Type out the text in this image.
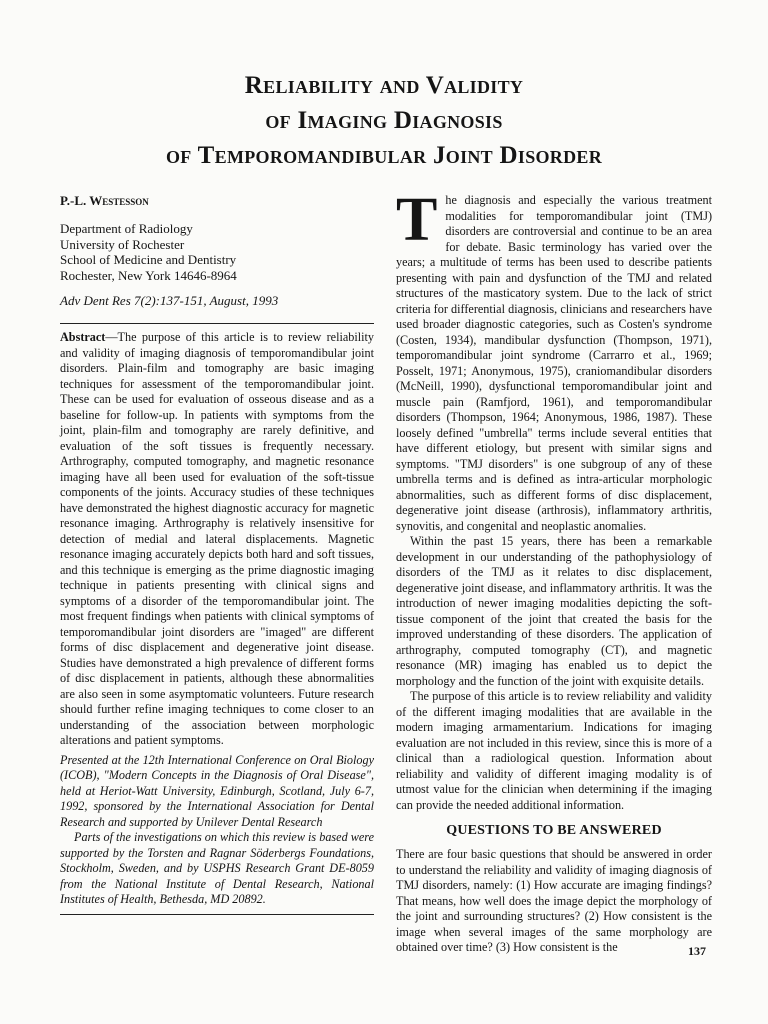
Reliability and Validity
of Imaging Diagnosis
of Temporomandibular Joint Disorder
P.-L. Westesson
Department of Radiology
University of Rochester
School of Medicine and Dentistry
Rochester, New York 14646-8964
Adv Dent Res 7(2):137-151, August, 1993

Abstract—The purpose of this article is to review reliability and validity of imaging diagnosis of temporomandibular joint disorders. Plain-film and tomography are basic imaging techniques for assessment of the temporomandibular joint. These can be used for evaluation of osseous disease and as a baseline for follow-up. In patients with symptoms from the joint, plain-film and tomography are rarely definitive, and evaluation of the soft tissues is frequently necessary. Arthrography, computed tomography, and magnetic resonance imaging have all been used for evaluation of the soft-tissue components of the joints. Accuracy studies of these techniques have demonstrated the highest diagnostic accuracy for magnetic resonance imaging. Arthrography is relatively insensitive for detection of medial and lateral displacements. Magnetic resonance imaging accurately depicts both hard and soft tissues, and this technique is emerging as the prime diagnostic imaging technique in patients presenting with clinical signs and symptoms of a disorder of the temporomandibular joint. The most frequent findings when patients with clinical symptoms of temporomandibular joint disorders are "imaged" are different forms of disc displacement and degenerative joint disease. Studies have demonstrated a high prevalence of different forms of disc displacement in patients, although these abnormalities are also seen in some asymptomatic volunteers. Future research should further refine imaging techniques to come closer to an understanding of the association between morphologic alterations and patient symptoms.

Presented at the 12th International Conference on Oral Biology (ICOB), "Modern Concepts in the Diagnosis of Oral Disease", held at Heriot-Watt University, Edinburgh, Scotland, July 6-7, 1992, sponsored by the International Association for Dental Research and supported by Unilever Dental Research

Parts of the investigations on which this review is based were supported by the Torsten and Ragnar Söderbergs Foundations, Stockholm, Sweden, and by USPHS Research Grant DE-8059 from the National Institute of Dental Research, National Institutes of Health, Bethesda, MD 20892.

The diagnosis and especially the various treatment modalities for temporomandibular joint (TMJ) disorders are controversial and continue to be an area for debate. Basic terminology has varied over the years; a multitude of terms has been used to describe patients presenting with pain and dysfunction of the TMJ and related structures of the masticatory system. Due to the lack of strict criteria for differential diagnosis, clinicians and researchers have used broader diagnostic categories, such as Costen's syndrome (Costen, 1934), mandibular dysfunction (Thompson, 1971), temporomandibular joint syndrome (Carrarro et al., 1969; Posselt, 1971; Anonymous, 1975), craniomandibular disorders (McNeill, 1990), dysfunctional temporomandibular joint and muscle pain (Ramfjord, 1961), and temporomandibular disorders (Thompson, 1964; Anonymous, 1986, 1987). These loosely defined "umbrella" terms include several entities that have different etiology, but present with similar signs and symptoms. "TMJ disorders" is one subgroup of any of these umbrella terms and is defined as intra-articular morphologic abnormalities, such as different forms of disc displacement, degenerative joint disease (arthrosis), inflammatory arthritis, synovitis, and congenital and neoplastic anomalies.

Within the past 15 years, there has been a remarkable development in our understanding of the pathophysiology of disorders of the TMJ as it relates to disc displacement, degenerative joint disease, and inflammatory arthritis. It was the introduction of newer imaging modalities depicting the soft-tissue component of the joint that created the basis for the improved understanding of these disorders. The application of arthrography, computed tomography (CT), and magnetic resonance (MR) imaging has enabled us to depict the morphology and the function of the joint with exquisite details.

The purpose of this article is to review reliability and validity of the different imaging modalities that are available in the modern imaging armamentarium. Indications for imaging evaluation are not included in this review, since this is more of a clinical than a radiological question. Information about reliability and validity of different imaging modality is of utmost value for the clinician when determining if the imaging can provide the needed additional information.

QUESTIONS TO BE ANSWERED

There are four basic questions that should be answered in order to understand the reliability and validity of imaging diagnosis of TMJ disorders, namely: (1) How accurate are imaging findings? That means, how well does the image depict the morphology of the joint and surrounding structures? (2) How consistent is the image when several images of the same morphology are obtained over time? (3) How consistent is the	137
